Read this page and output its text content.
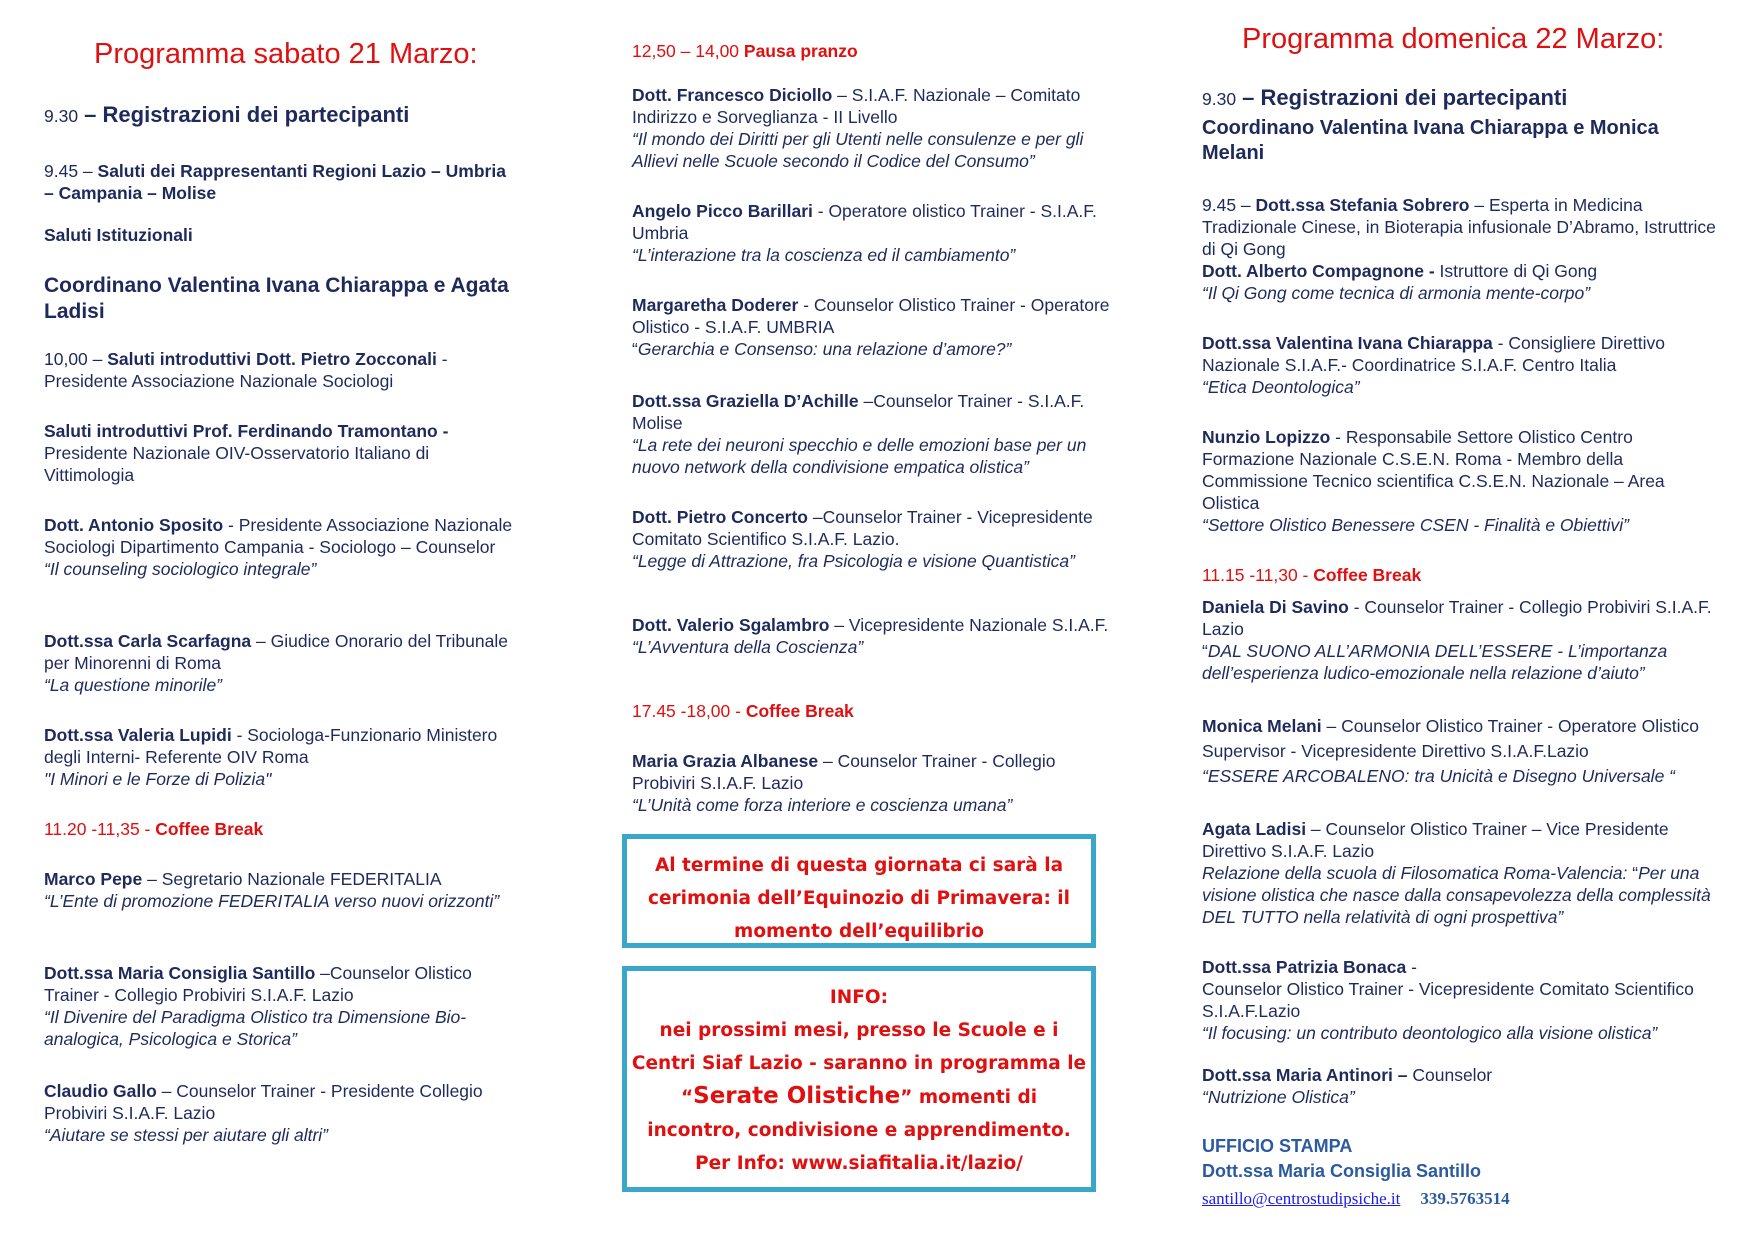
Programma sabato 21 Marzo:
9.30 – Registrazioni dei partecipanti
9.45 – Saluti dei Rappresentanti Regioni Lazio – Umbria – Campania – Molise
Saluti Istituzionali
Coordinano Valentina Ivana Chiarappa e Agata Ladisi
10,00 – Saluti introduttivi Dott. Pietro Zocconali - Presidente Associazione Nazionale Sociologi
Saluti introduttivi Prof. Ferdinando Tramontano - Presidente Nazionale OIV-Osservatorio Italiano di Vittimologia

Dott. Antonio Sposito - Presidente Associazione Nazionale Sociologi Dipartimento Campania - Sociologo – Counselor

“Il counseling sociologico integrale”

Dott.ssa Carla Scarfagna – Giudice Onorario del Tribunale per Minorenni di Roma

“La questione minorile”

Dott.ssa Valeria Lupidi - Sociologa-Funzionario Ministero degli Interni- Referente OIV Roma

"I Minori e le Forze di Polizia"

11.20 -11,35 - Coffee Break

Marco Pepe – Segretario Nazionale FEDERITALIA

“L’Ente di promozione FEDERITALIA verso nuovi orizzonti”

Dott.ssa Maria Consiglia Santillo –Counselor Olistico Trainer - Collegio Probiviri S.I.A.F. Lazio

“Il Divenire del Paradigma Olistico tra Dimensione Bio-analogica, Psicologica e Storica”

Claudio Gallo – Counselor Trainer - Presidente Collegio Probiviri S.I.A.F. Lazio

“Aiutare se stessi per aiutare gli altri”

12,50 – 14,00 Pausa pranzo

Dott. Francesco Diciollo – S.I.A.F. Nazionale – Comitato Indirizzo e Sorveglianza - II Livello

“Il mondo dei Diritti per gli Utenti nelle consulenze e per gli Allievi nelle Scuole secondo il Codice del Consumo”

Angelo Picco Barillari - Operatore olistico Trainer - S.I.A.F. Umbria

“L’interazione tra la coscienza ed il cambiamento”

Margaretha Doderer - Counselor Olistico Trainer - Operatore Olistico - S.I.A.F. UMBRIA

“Gerarchia e Consenso: una relazione d’amore?”

Dott.ssa Graziella D’Achille –Counselor Trainer - S.I.A.F. Molise

“La rete dei neuroni specchio e delle emozioni base per un nuovo network della condivisione empatica olistica”

Dott. Pietro Concerto –Counselor Trainer - Vicepresidente Comitato Scientifico S.I.A.F. Lazio.

“Legge di Attrazione, fra Psicologia e visione Quantistica”

Dott. Valerio Sgalambro – Vicepresidente Nazionale S.I.A.F.

“L’Avventura della Coscienza”

17.45 -18,00 - Coffee Break

Maria Grazia Albanese – Counselor Trainer - Collegio Probiviri S.I.A.F. Lazio

“L’Unità come forza interiore e coscienza umana”

Al termine di questa giornata ci sarà la
cerimonia dell’Equinozio di Primavera: il
momento dell’equilibrio
INFO:
nei prossimi mesi, presso le Scuole e i
Centri Siaf Lazio - saranno in programma le
“Serate Olistiche” momenti di
incontro, condivisione e apprendimento.
Per Info: www.siafitalia.it/lazio/
Programma domenica 22 Marzo:
9.30 – Registrazioni dei partecipanti
Coordinano Valentina Ivana Chiarappa e Monica Melani

9.45 – Dott.ssa Stefania Sobrero – Esperta in Medicina Tradizionale Cinese, in Bioterapia infusionale D’Abramo, Istruttrice di Qi Gong

Dott. Alberto Compagnone - Istruttore di Qi Gong

“Il Qi Gong come tecnica di armonia mente-corpo”

Dott.ssa Valentina Ivana Chiarappa - Consigliere Direttivo Nazionale S.I.A.F.- Coordinatrice S.I.A.F. Centro Italia

“Etica Deontologica”

Nunzio Lopizzo - Responsabile Settore Olistico Centro Formazione Nazionale C.S.E.N. Roma - Membro della Commissione Tecnico scientifica C.S.E.N. Nazionale – Area Olistica

“Settore Olistico Benessere CSEN - Finalità e Obiettivi”

11.15 -11,30 - Coffee Break

Daniela Di Savino - Counselor Trainer - Collegio Probiviri S.I.A.F. Lazio

“DAL SUONO ALL’ARMONIA DELL’ESSERE - L’importanza dell’esperienza ludico-emozionale nella relazione d’aiuto”

Monica Melani – Counselor Olistico Trainer - Operatore Olistico Supervisor - Vicepresidente Direttivo S.I.A.F.Lazio

“ESSERE ARCOBALENO: tra Unicità e Disegno Universale “

Agata Ladisi – Counselor Olistico Trainer – Vice Presidente Direttivo S.I.A.F. Lazio

Relazione della scuola di Filosomatica Roma-Valencia: “Per una visione olistica che nasce dalla consapevolezza della complessità DEL TUTTO nella relatività di ogni prospettiva”

Dott.ssa Patrizia Bonaca -

Counselor Olistico Trainer - Vicepresidente Comitato Scientifico S.I.A.F.Lazio

“Il focusing: un contributo deontologico alla visione olistica”

Dott.ssa Maria Antinori – Counselor

“Nutrizione Olistica”

UFFICIO STAMPA

Dott.ssa Maria Consiglia Santillo

santillo@centrostudipsiche.it 339.5763514
